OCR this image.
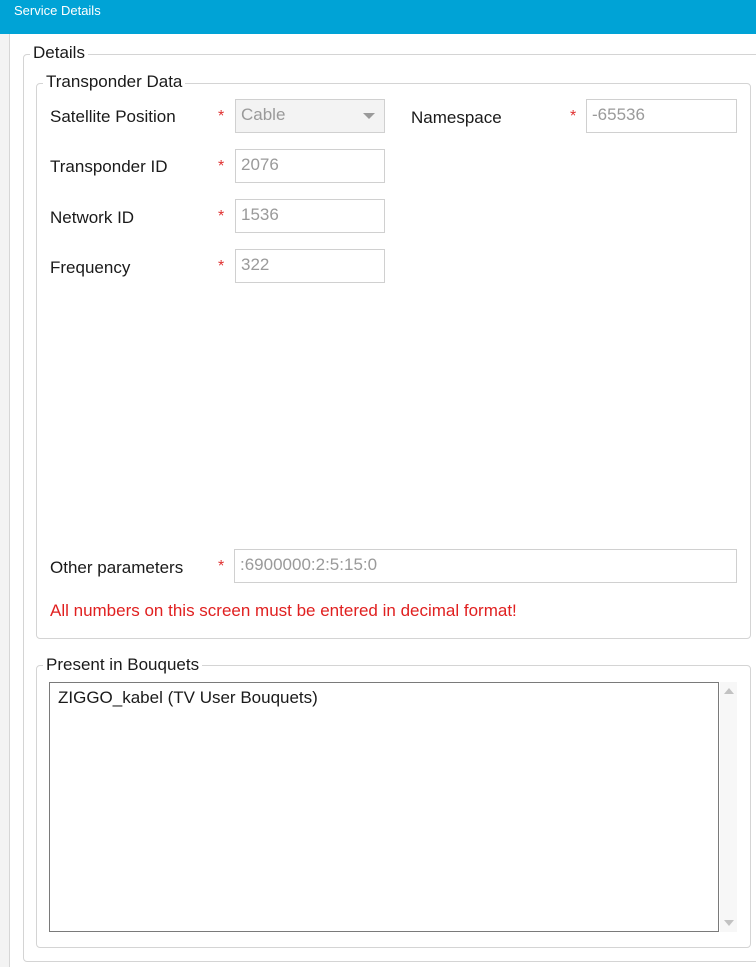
Service Details
Details
Transponder Data
Satellite Position	* Cable	Namespace	* -65536
Transponder ID	* 2076
Network ID	* 1536
Frequency	* 322
Other parameters * :6900000:2:5:15:0
All numbers on this screen must be entered in decimal format!
Present in Bouquets
ZIGGO_kabel (TV User Bouquets)
